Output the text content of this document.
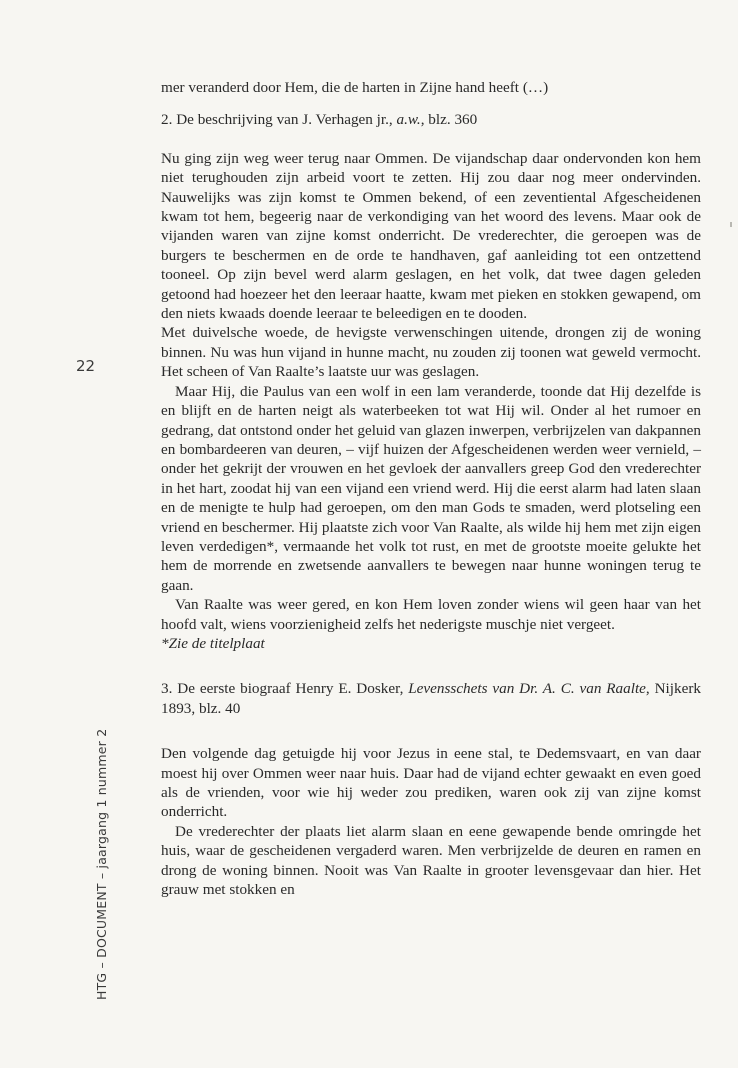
mer veranderd door Hem, die de harten in Zijne hand heeft (…)

2. De beschrijving van J. Verhagen jr., a.w., blz. 360

Nu ging zijn weg weer terug naar Ommen. De vijandschap daar ondervonden kon hem niet terughouden zijn arbeid voort te zetten. Hij zou daar nog meer ondervinden. Nauwelijks was zijn komst te Ommen bekend, of een zeventiental Afgescheidenen kwam tot hem, begeerig naar de verkondiging van het woord des levens. Maar ook de vijanden waren van zijne komst onderricht. De vrederechter, die geroepen was de burgers te beschermen en de orde te handhaven, gaf aanleiding tot een ontzettend tooneel. Op zijn bevel werd alarm geslagen, en het volk, dat twee dagen geleden getoond had hoezeer het den leeraar haatte, kwam met pieken en stokken gewapend, om den niets kwaads doende leeraar te beleedigen en te dooden.

Met duivelsche woede, de hevigste verwenschingen uitende, drongen zij de woning binnen. Nu was hun vijand in hunne macht, nu zouden zij toonen wat geweld vermocht. Het scheen of Van Raalte’s laatste uur was geslagen.

Maar Hij, die Paulus van een wolf in een lam veranderde, toonde dat Hij dezelfde is en blijft en de harten neigt als waterbeeken tot wat Hij wil. Onder al het rumoer en gedrang, dat ontstond onder het geluid van glazen inwerpen, verbrijzelen van dakpannen en bombardeeren van deuren, – vijf huizen der Afgescheidenen werden weer vernield, – onder het gekrijt der vrouwen en het gevloek der aanvallers greep God den vrederechter in het hart, zoodat hij van een vijand een vriend werd. Hij die eerst alarm had laten slaan en de menigte te hulp had geroepen, om den man Gods te smaden, werd plotseling een vriend en beschermer. Hij plaatste zich voor Van Raalte, als wilde hij hem met zijn eigen leven verdedigen*, vermaande het volk tot rust, en met de grootste moeite gelukte het hem de morrende en zwetsende aanvallers te bewegen naar hunne woningen terug te gaan.

Van Raalte was weer gered, en kon Hem loven zonder wiens wil geen haar van het hoofd valt, wiens voorzienigheid zelfs het nederigste muschje niet vergeet.

*Zie de titelplaat

3. De eerste biograaf Henry E. Dosker, Levensschets van Dr. A. C. van Raalte, Nijkerk 1893, blz. 40

Den volgende dag getuigde hij voor Jezus in eene stal, te Dedemsvaart, en van daar moest hij over Ommen weer naar huis. Daar had de vijand echter gewaakt en even goed als de vrienden, voor wie hij weder zou prediken, waren ook zij van zijne komst onderricht.

De vrederechter der plaats liet alarm slaan en eene gewapende bende omringde het huis, waar de gescheidenen vergaderd waren. Men verbrijzelde de deuren en ramen en drong de woning binnen. Nooit was Van Raalte in grooter levensgevaar dan hier. Het grauw met stokken en

22
HTG – DOCUMENT – jaargang 1 nummer 2
